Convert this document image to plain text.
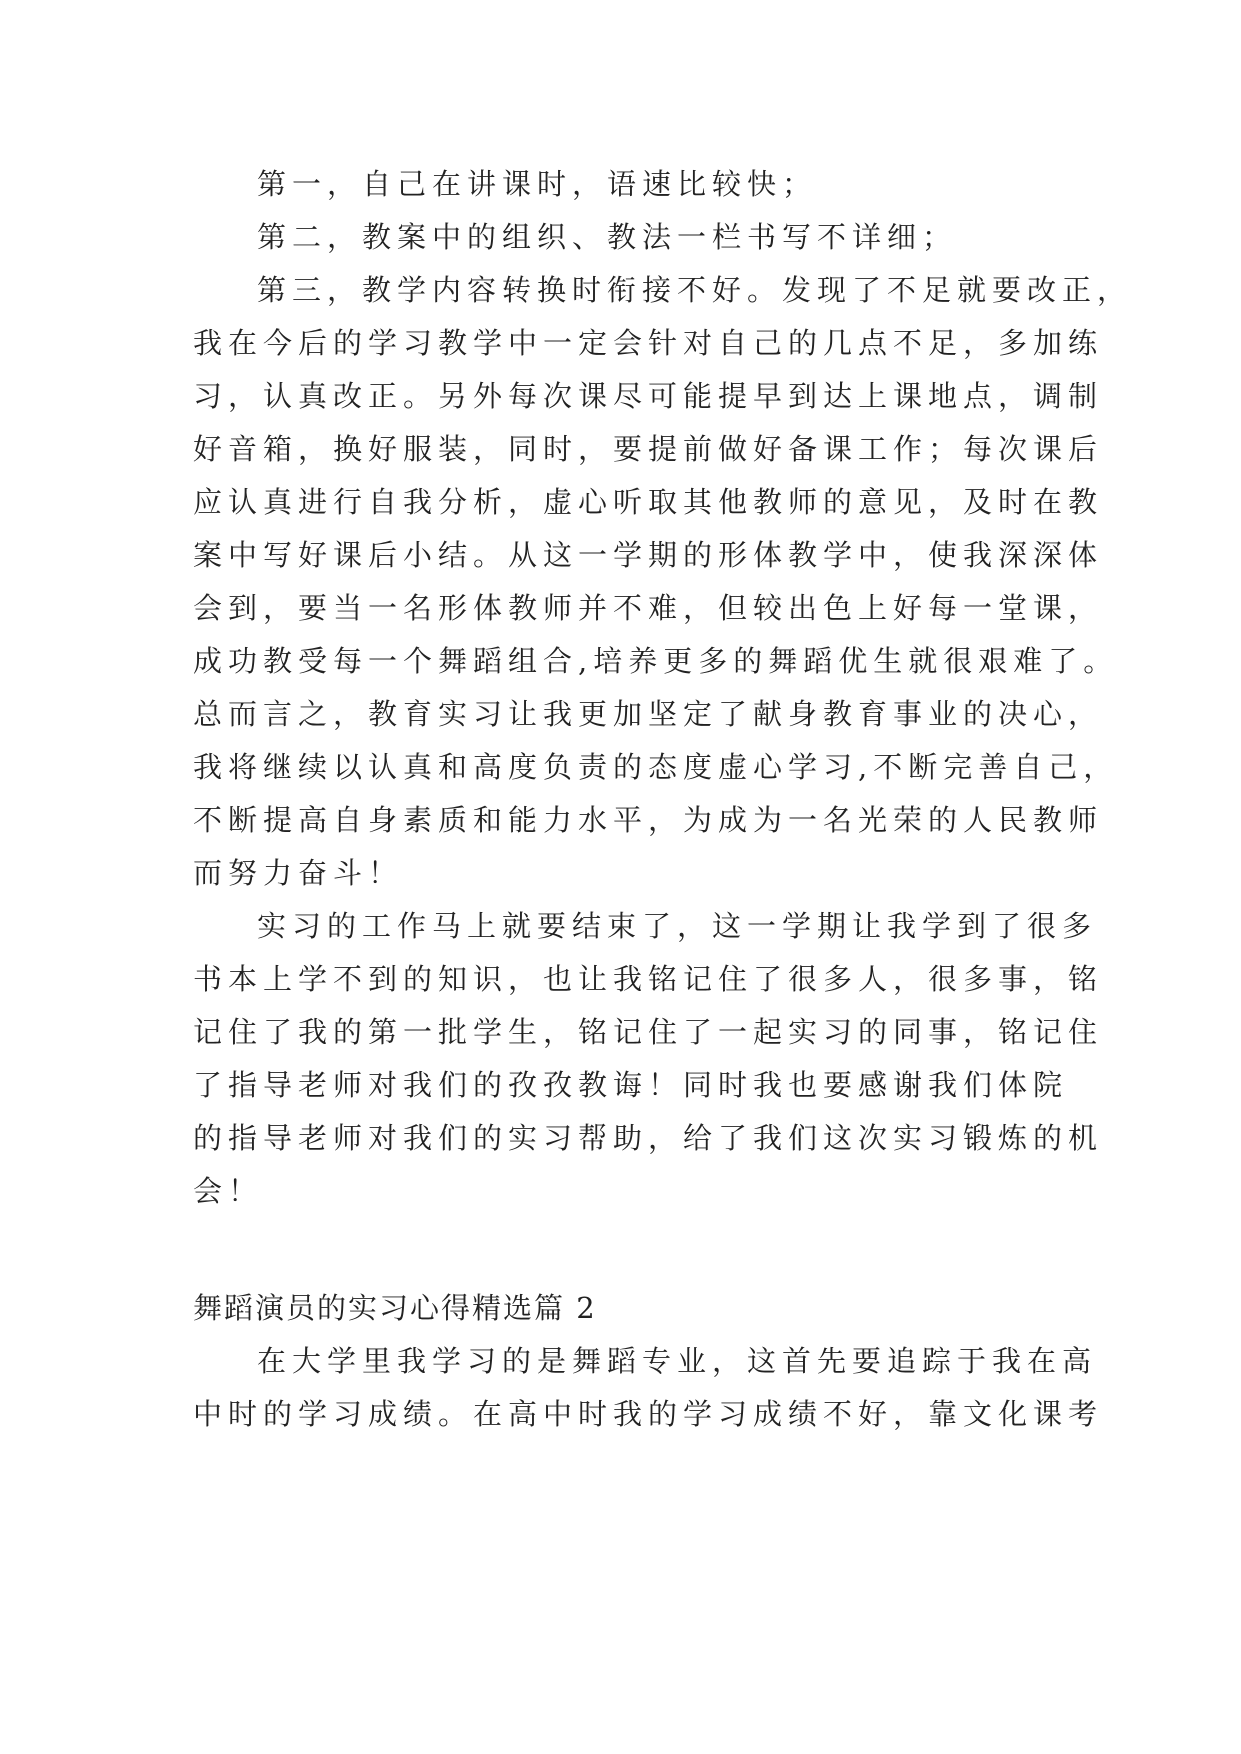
第一，自己在讲课时，语速比较快；
第二，教案中的组织、教法一栏书写不详细；
第三，教学内容转换时衔接不好。发现了不足就要改正，
我在今后的学习教学中一定会针对自己的几点不足，多加练
习，认真改正。另外每次课尽可能提早到达上课地点，调制
好音箱，换好服装，同时，要提前做好备课工作；每次课后
应认真进行自我分析，虚心听取其他教师的意见，及时在教
案中写好课后小结。从这一学期的形体教学中，使我深深体
会到，要当一名形体教师并不难，但较出色上好每一堂课，
成功教受每一个舞蹈组合,培养更多的舞蹈优生就很艰难了。
总而言之，教育实习让我更加坚定了献身教育事业的决心，
我将继续以认真和高度负责的态度虚心学习,不断完善自己，
不断提高自身素质和能力水平，为成为一名光荣的人民教师
而努力奋斗！
实习的工作马上就要结束了，这一学期让我学到了很多
书本上学不到的知识，也让我铭记住了很多人，很多事，铭
记住了我的第一批学生，铭记住了一起实习的同事，铭记住
了指导老师对我们的孜孜教诲！同时我也要感谢我们体院
的指导老师对我们的实习帮助，给了我们这次实习锻炼的机
会！
舞蹈演员的实习心得精选篇 2
在大学里我学习的是舞蹈专业，这首先要追踪于我在高
中时的学习成绩。在高中时我的学习成绩不好，靠文化课考
